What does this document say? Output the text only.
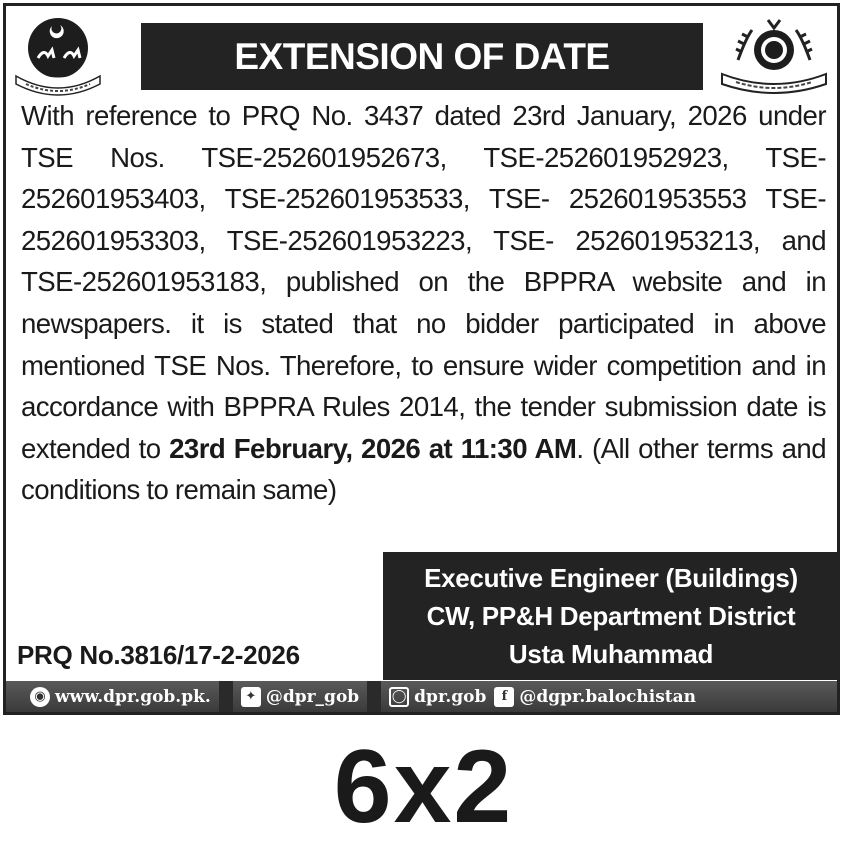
EXTENSION OF DATE
With reference to PRQ No. 3437 dated 23rd January, 2026 under TSE Nos. TSE-252601952673, TSE-252601952923, TSE-252601953403, TSE-252601953533, TSE- 252601953553 TSE-252601953303, TSE-252601953223, TSE- 252601953213, and TSE-252601953183, published on the BPPRA website and in newspapers. it is stated that no bidder participated in above mentioned TSE Nos. Therefore, to ensure wider competition and in accordance with BPPRA Rules 2014, the tender submission date is extended to 23rd February, 2026 at 11:30 AM. (All other terms and conditions to remain same)
Executive Engineer (Buildings)
CW, PP&H Department District
Usta Muhammad
PRQ No.3816/17-2-2026
◉ www.dpr.gob.pk.	✦ @dpr_gob	◯ dpr.gob	f @dgpr.balochistan
6x2
